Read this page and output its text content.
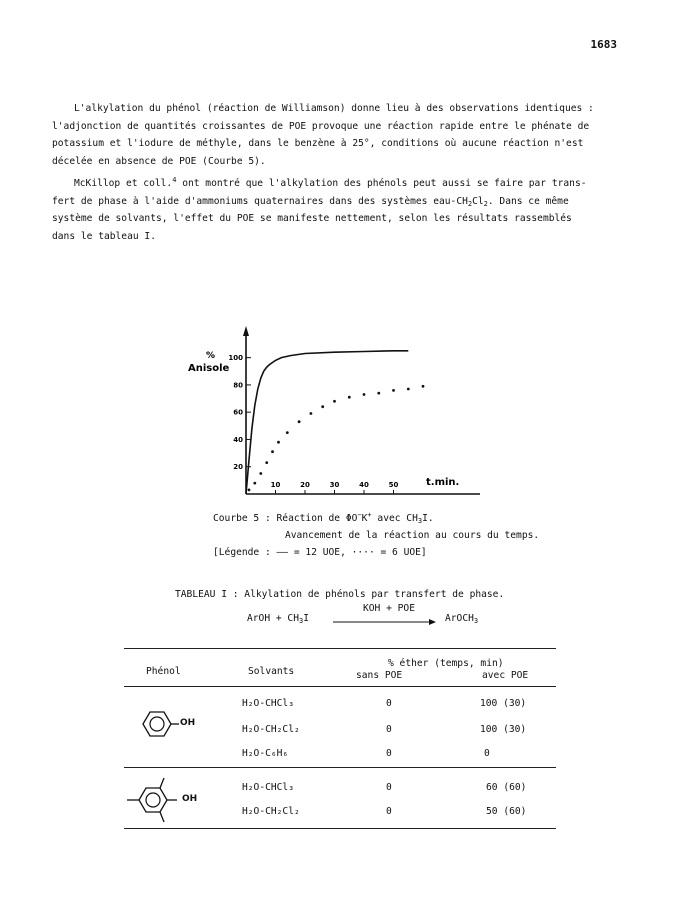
1683
L'alkylation du phénol (réaction de Williamson) donne lieu à des observations identiques :
l'adjonction de quantités croissantes de POE provoque une réaction rapide entre le phénate de
potassium et l'iodure de méthyle, dans le benzène à 25°, conditions où aucune réaction n'est
décelée en absence de POE (Courbe 5).
McKillop et coll.$^4$ ont montré que l'alkylation des phénols peut aussi se faire par trans-
fert de phase à l'aide d'ammoniums quaternaires dans des systèmes eau-$CH_2Cl_2$. Dans ce même
système de solvants, l'effet du POE se manifeste nettement, selon les résultats rassemblés
dans le tableau I.
10	20	30	40	50
20
40
60
80
100
%
Anisole
t.min.
Courbe 5 : Réaction de ΦO−K+ avec $CH_3I$.
Avancement de la réaction au cours du temps.
[Légende : —— = 12 UOE, ···· = 6 UOE]
TABLEAU I : Alkylation de phénols par transfert de phase.
ArOH + $CH_3I$
KOH + POE
ArOCH$_3$
Phénol	Solvants
% éther (temps, min)
sans POE	avec POE
OH
OH
H₂O-CHCl₃	0	100 (30)
H₂O-CH₂Cl₂	0	100 (30)
H₂O-C₆H₆	0	0
H₂O-CHCl₃	0	60 (60)
H₂O-CH₂Cl₂	0	50 (60)
